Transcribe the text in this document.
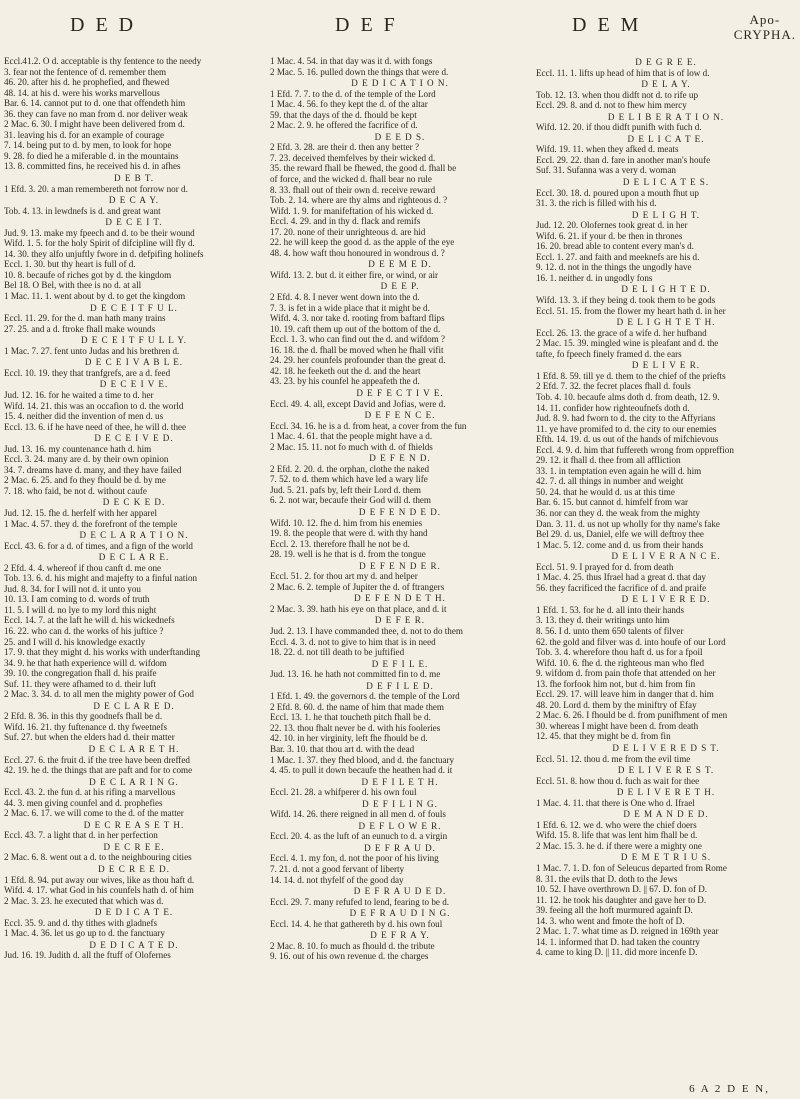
D E D	D E F	D E M	Apo-
CRYPHA.

Eccl.41.2. O d. acceptable is thy fentence to the needy

3. fear not the fentence of d. remember them

46. 20. after his d. he prophefied, and fhewed

48. 14. at his d. were his works marvellous

Bar. 6. 14. cannot put to d. one that offendeth him

36. they can fave no man from d. nor deliver weak

2 Mac. 6. 30. I might have been delivered from d.

31. leaving his d. for an example of courage

7. 14. being put to d. by men, to look for hope

9. 28. fo died he a miferable d. in the mountains

13. 8. committed fins, he received his d. in afhes

D E B T.

1 Efd. 3. 20. a man remembereth not forrow nor d.

D E C A Y.

Tob. 4. 13. in lewdnefs is d. and great want

D E C E I T.

Jud. 9. 13. make my fpeech and d. to be their wound

Wifd. 1. 5. for the holy Spirit of difcipline will fly d.

14. 30. they alfo unjuftly fwore in d. defpifing holinefs

Eccl. 1. 30. but thy heart is full of d.

10. 8. becaufe of riches got by d. the kingdom

Bel 18. O Bel, with thee is no d. at all

1 Mac. 11. 1. went about by d. to get the kingdom

D E C E I T F U L.

Eccl. 11. 29. for the d. man hath many trains

27. 25. and a d. ftroke fhall make wounds

D E C E I T F U L L Y.

1 Mac. 7. 27. fent unto Judas and his brethren d.

D E C E I V A B L E.

Eccl. 10. 19. they that tranfgrefs, are a d. feed

D E C E I V E.

Jud. 12. 16. for he waited a time to d. her

Wifd. 14. 21. this was an occafion to d. the world

15. 4. neither did the invention of men d. us

Eccl. 13. 6. if he have need of thee, he will d. thee

D E C E I V E D.

Jud. 13. 16. my countenance hath d. him

Eccl. 3. 24. many are d. by their own opinion

34. 7. dreams have d. many, and they have failed

2 Mac. 6. 25. and fo they fhould be d. by me

7. 18. who faid, be not d. without caufe

D E C K E D.

Jud. 12. 15. fhe d. herfelf with her apparel

1 Mac. 4. 57. they d. the forefront of the temple

D E C L A R A T I O N.

Eccl. 43. 6. for a d. of times, and a fign of the world

D E C L A R E.

2 Efd. 4. 4. whereof if thou canft d. me one

Tob. 13. 6. d. his might and majefty to a finful nation

Jud. 8. 34. for I will not d. it unto you

10. 13. I am coming to d. words of truth

11. 5. I will d. no lye to my lord this night

Eccl. 14. 7. at the laft he will d. his wickednefs

16. 22. who can d. the works of his juftice ?

25. and I will d. his knowledge exactly

17. 9. that they might d. his works with underftanding

34. 9. he that hath experience will d. wifdom

39. 10. the congregation fhall d. his praife

Suf. 11. they were afhamed to d. their luft

2 Mac. 3. 34. d. to all men the mighty power of God

D E C L A R E D.

2 Efd. 8. 36. in this thy goodnefs fhall be d.

Wifd. 16. 21. thy fuftenance d. thy fweetnefs

Suf. 27. but when the elders had d. their matter

D E C L A R E T H.

Eccl. 27. 6. the fruit d. if the tree have been dreffed

42. 19. he d. the things that are paft and for to come

D E C L A R I N G.

Eccl. 43. 2. the fun d. at his rifing a marvellous

44. 3. men giving counfel and d. prophefies

2 Mac. 6. 17. we will come to the d. of the matter

D E C R E A S E T H.

Eccl. 43. 7. a light that d. in her perfection

D E C R E E.

2 Mac. 6. 8. went out a d. to the neighbouring cities

D E C R E E D.

1 Efd. 8. 94. put away our wives, like as thou haft d.

Wifd. 4. 17. what God in his counfels hath d. of him

2 Mac. 3. 23. he executed that which was d.

D E D I C A T E.

Eccl. 35. 9. and d. thy tithes with gladnefs

1 Mac. 4. 36. let us go up to d. the fanctuary

D E D I C A T E D.

Jud. 16. 19. Judith d. all the ftuff of Olofernes

1 Mac. 4. 54. in that day was it d. with fongs

2 Mac. 5. 16. pulled down the things that were d.

D E D I C A T I O N.

1 Efd. 7. 7. to the d. of the temple of the Lord

1 Mac. 4. 56. fo they kept the d. of the altar

59. that the days of the d. fhould be kept

2 Mac. 2. 9. he offered the facrifice of d.

D E E D S.

2 Efd. 3. 28. are their d. then any better ?

7. 23. deceived themfelves by their wicked d.

35. the reward fhall be fhewed, the good d. fhall be

of force, and the wicked d. fhall bear no rule

8. 33. fhall out of their own d. receive reward

Tob. 2. 14. where are thy alms and righteous d. ?

Wifd. 1. 9. for manifeftation of his wicked d.

Eccl. 4. 29. and in thy d. flack and remifs

17. 20. none of their unrighteous d. are hid

22. he will keep the good d. as the apple of the eye

48. 4. how waft thou honoured in wondrous d. ?

D E E M E D.

Wifd. 13. 2. but d. it either fire, or wind, or air

D E E P.

2 Efd. 4. 8. I never went down into the d.

7. 3. is fet in a wide place that it might be d.

Wifd. 4. 3. nor take d. rooting from baftard flips

10. 19. caft them up out of the bottom of the d.

Eccl. 1. 3. who can find out the d. and wifdom ?

16. 18. the d. fhall be moved when he fhall vifit

24. 29. her counfels profounder than the great d.

42. 18. he feeketh out the d. and the heart

43. 23. by his counfel he appeafeth the d.

D E F E C T I V E.

Eccl. 49. 4. all, except David and Jofias, were d.

D E F E N C E.

Eccl. 34. 16. he is a d. from heat, a cover from the fun

1 Mac. 4. 61. that the people might have a d.

2 Mac. 15. 11. not fo much with d. of fhields

D E F E N D.

2 Efd. 2. 20. d. the orphan, clothe the naked

7. 52. to d. them which have led a wary life

Jud. 5. 21. pafs by, left their Lord d. them

6. 2. not war, becaufe their God will d. them

D E F E N D E D.

Wifd. 10. 12. fhe d. him from his enemies

19. 8. the people that were d. with thy hand

Eccl. 2. 13. therefore fhall he not be d.

28. 19. well is he that is d. from the tongue

D E F E N D E R.

Eccl. 51. 2. for thou art my d. and helper

2 Mac. 6. 2. temple of Jupiter the d. of ftrangers

D E F E N D E T H.

2 Mac. 3. 39. hath his eye on that place, and d. it

D E F E R.

Jud. 2. 13. I have commanded thee, d. not to do them

Eccl. 4. 3. d. not to give to him that is in need

18. 22. d. not till death to be juftified

D E F I L E.

Jud. 13. 16. he hath not committed fin to d. me

D E F I L E D.

1 Efd. 1. 49. the governors d. the temple of the Lord

2 Efd. 8. 60. d. the name of him that made them

Eccl. 13. 1. he that toucheth pitch fhall be d.

22. 13. thou fhalt never be d. with his fooleries

42. 10. in her virginity, left fhe fhould be d.

Bar. 3. 10. that thou art d. with the dead

1 Mac. 1. 37. they fhed blood, and d. the fanctuary

4. 45. to pull it down becaufe the heathen had d. it

D E F I L E T H.

Eccl. 21. 28. a whifperer d. his own foul

D E F I L I N G.

Wifd. 14. 26. there reigned in all men d. of fouls

D E F L O W E R.

Eccl. 20. 4. as the luft of an eunuch to d. a virgin

D E F R A U D.

Eccl. 4. 1. my fon, d. not the poor of his living

7. 21. d. not a good fervant of liberty

14. 14. d. not thyfelf of the good day

D E F R A U D E D.

Eccl. 29. 7. many refufed to lend, fearing to be d.

D E F R A U D I N G.

Eccl. 14. 4. he that gathereth by d. his own foul

D E F R A Y.

2 Mac. 8. 10. fo much as fhould d. the tribute

9. 16. out of his own revenue d. the charges

D E G R E E.

Eccl. 11. 1. lifts up head of him that is of low d.

D E L A Y.

Tob. 12. 13. when thou didft not d. to rife up

Eccl. 29. 8. and d. not to fhew him mercy

D E L I B E R A T I O N.

Wifd. 12. 20. if thou didft punifh with fuch d.

D E L I C A T E.

Wifd. 19. 11. when they afked d. meats

Eccl. 29. 22. than d. fare in another man's houfe

Suf. 31. Sufanna was a very d. woman

D E L I C A T E S.

Eccl. 30. 18. d. poured upon a mouth fhut up

31. 3. the rich is filled with his d.

D E L I G H T.

Jud. 12. 20. Olofernes took great d. in her

Wifd. 6. 21. if your d. be then in thrones

16. 20. bread able to content every man's d.

Eccl. 1. 27. and faith and meeknefs are his d.

9. 12. d. not in the things the ungodly have

16. 1. neither d. in ungodly fons

D E L I G H T E D.

Wifd. 13. 3. if they being d. took them to be gods

Eccl. 51. 15. from the flower my heart hath d. in her

D E L I G H T E T H.

Eccl. 26. 13. the grace of a wife d. her hufband

2 Mac. 15. 39. mingled wine is pleafant and d. the

tafte, fo fpeech finely framed d. the ears

D E L I V E R.

1 Efd. 8. 59. till ye d. them to the chief of the priefts

2 Efd. 7. 32. the fecret places fhall d. fouls

Tob. 4. 10. becaufe alms doth d. from death, 12. 9.

14. 11. confider how righteoufnefs doth d.

Jud. 8. 9. had fworn to d. the city to the Affyrians

11. ye have promifed to d. the city to our enemies

Efth. 14. 19. d. us out of the hands of mifchievous

Eccl. 4. 9. d. him that fuffereth wrong from oppreffion

29. 12. it fhall d. thee from all affliction

33. 1. in temptation even again he will d. him

42. 7. d. all things in number and weight

50. 24. that he would d. us at this time

Bar. 6. 15. but cannot d. himfelf from war

36. nor can they d. the weak from the mighty

Dan. 3. 11. d. us not up wholly for thy name's fake

Bel 29. d. us, Daniel, elfe we will deftroy thee

1 Mac. 5. 12. come and d. us from their hands

D E L I V E R A N C E.

Eccl. 51. 9. I prayed for d. from death

1 Mac. 4. 25. thus Ifrael had a great d. that day

56. they facrificed the facrifice of d. and praife

D E L I V E R E D.

1 Efd. 1. 53. for he d. all into their hands

3. 13. they d. their writings unto him

8. 56. I d. unto them 650 talents of filver

62. the gold and filver was d. into houfe of our Lord

Tob. 3. 4. wherefore thou haft d. us for a fpoil

Wifd. 10. 6. fhe d. the righteous man who fled

9. wifdom d. from pain thofe that attended on her

13. fhe forfook him not, but d. him from fin

Eccl. 29. 17. will leave him in danger that d. him

48. 20. Lord d. them by the miniftry of Efay

2 Mac. 6. 26. I fhould be d. from punifhment of men

30. whereas I might have been d. from death

12. 45. that they might be d. from fin

D E L I V E R E D S T.

Eccl. 51. 12. thou d. me from the evil time

D E L I V E R E S T.

Eccl. 51. 8. how thou d. fuch as wait for thee

D E L I V E R E T H.

1 Mac. 4. 11. that there is One who d. Ifrael

D E M A N D E D.

1 Efd. 6. 12. we d. who were the chief doers

Wifd. 15. 8. life that was lent him fhall be d.

2 Mac. 15. 3. he d. if there were a mighty one

D E M E T R I U S.

1 Mac. 7. 1. D. fon of Seleucus departed from Rome

8. 31. the evils that D. doth to the Jews

10. 52. I have overthrown D. || 67. D. fon of D.

11. 12. he took his daughter and gave her to D.

39. feeing all the hoft murmured againft D.

14. 3. who went and fmote the hoft of D.

2 Mac. 1. 7. what time as D. reigned in 169th year

14. 1. informed that D. had taken the country

4. came to king D. || 11. did more incenfe D.

6 A 2 D E N,
